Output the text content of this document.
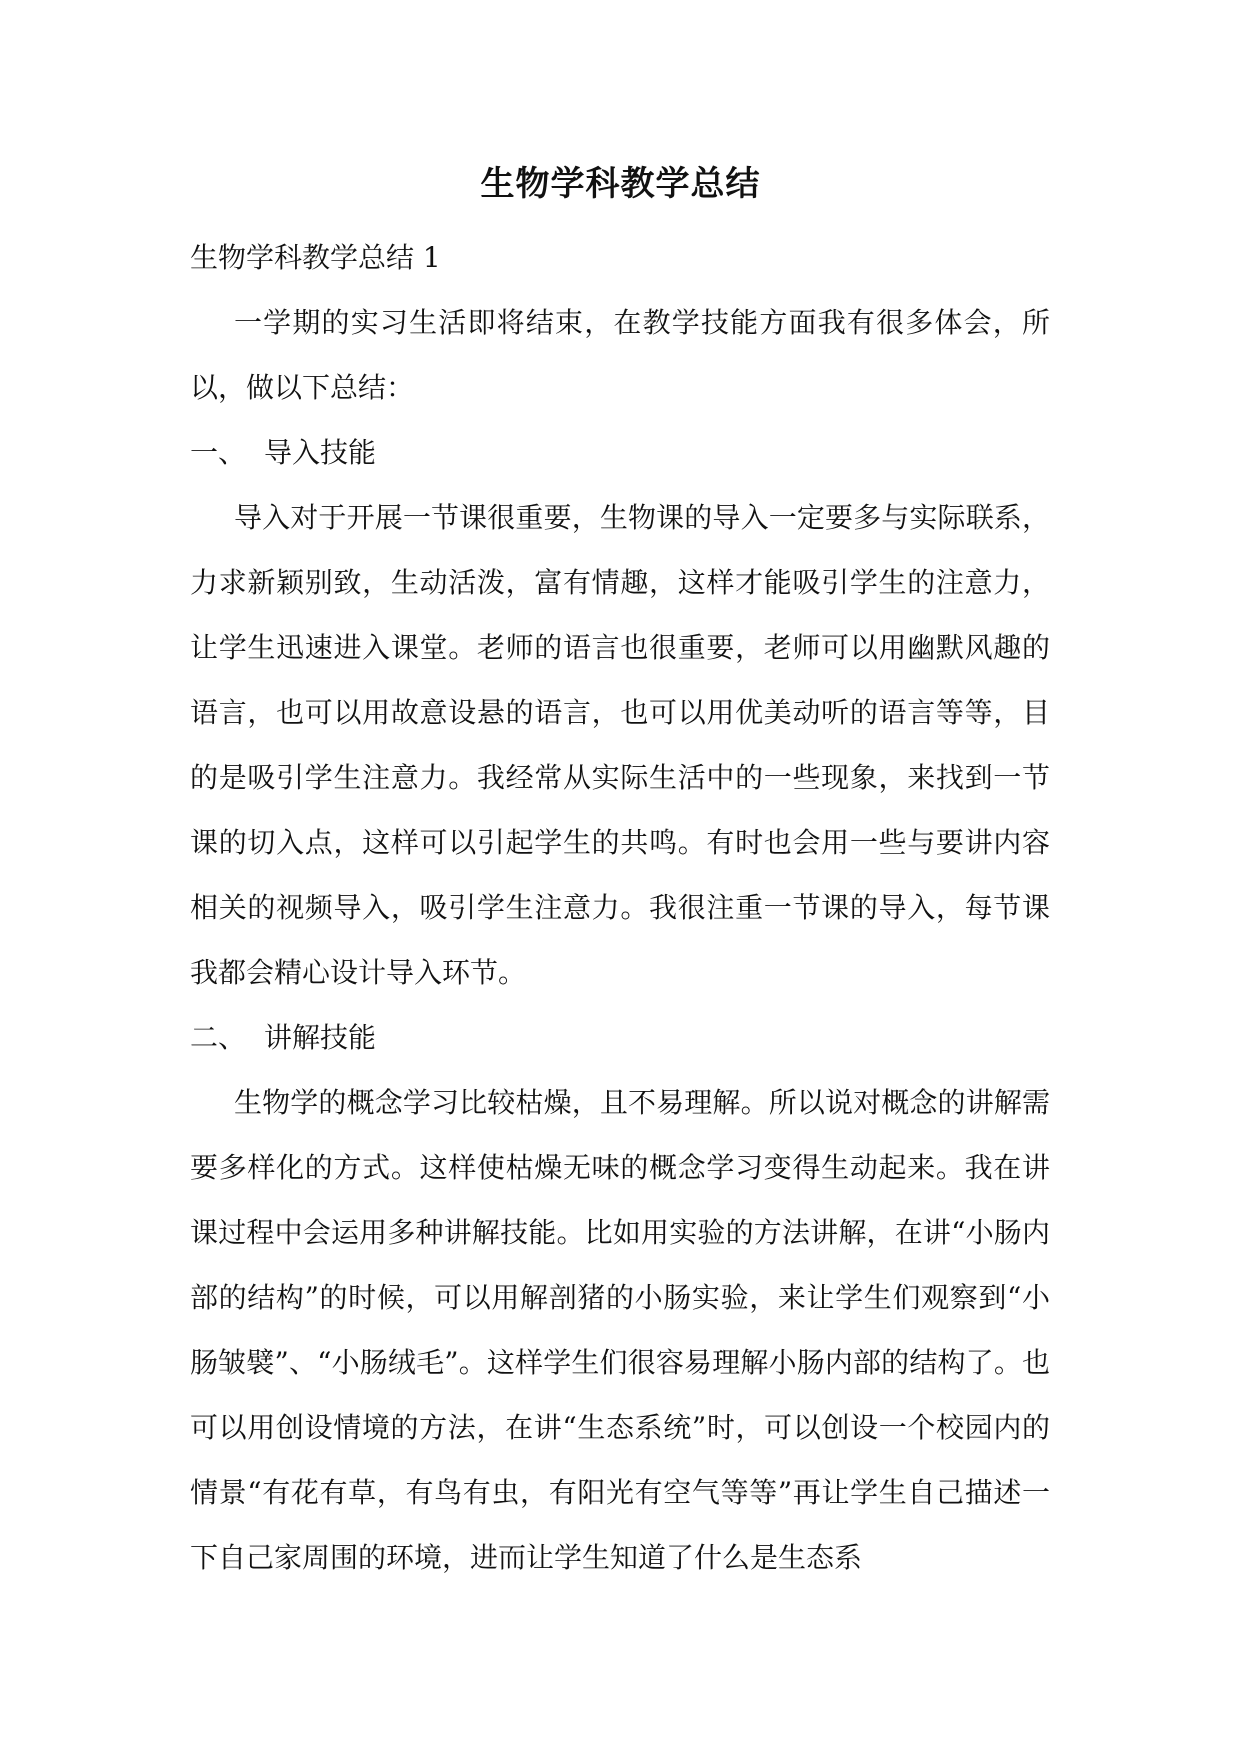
生物学科教学总结

生物学科教学总结 1

一学期的实习生活即将结束，在教学技能方面我有很多体会，所以，做以下总结：

一、 导入技能

导入对于开展一节课很重要，生物课的导入一定要多与实际联系，力求新颖别致，生动活泼，富有情趣，这样才能吸引学生的注意力，让学生迅速进入课堂。老师的语言也很重要，老师可以用幽默风趣的语言，也可以用故意设悬的语言，也可以用优美动听的语言等等，目的是吸引学生注意力。我经常从实际生活中的一些现象，来找到一节课的切入点，这样可以引起学生的共鸣。有时也会用一些与要讲内容相关的视频导入，吸引学生注意力。我很注重一节课的导入，每节课我都会精心设计导入环节。

二、 讲解技能

生物学的概念学习比较枯燥，且不易理解。所以说对概念的讲解需要多样化的方式。这样使枯燥无味的概念学习变得生动起来。我在讲课过程中会运用多种讲解技能。比如用实验的方法讲解，在讲“小肠内部的结构”的时候，可以用解剖猪的小肠实验，来让学生们观察到“小肠皱襞”、“小肠绒毛”。这样学生们很容易理解小肠内部的结构了。也可以用创设情境的方法，在讲“生态系统”时，可以创设一个校园内的情景“有花有草，有鸟有虫，有阳光有空气等等”再让学生自己描述一下自己家周围的环境，进而让学生知道了什么是生态系
